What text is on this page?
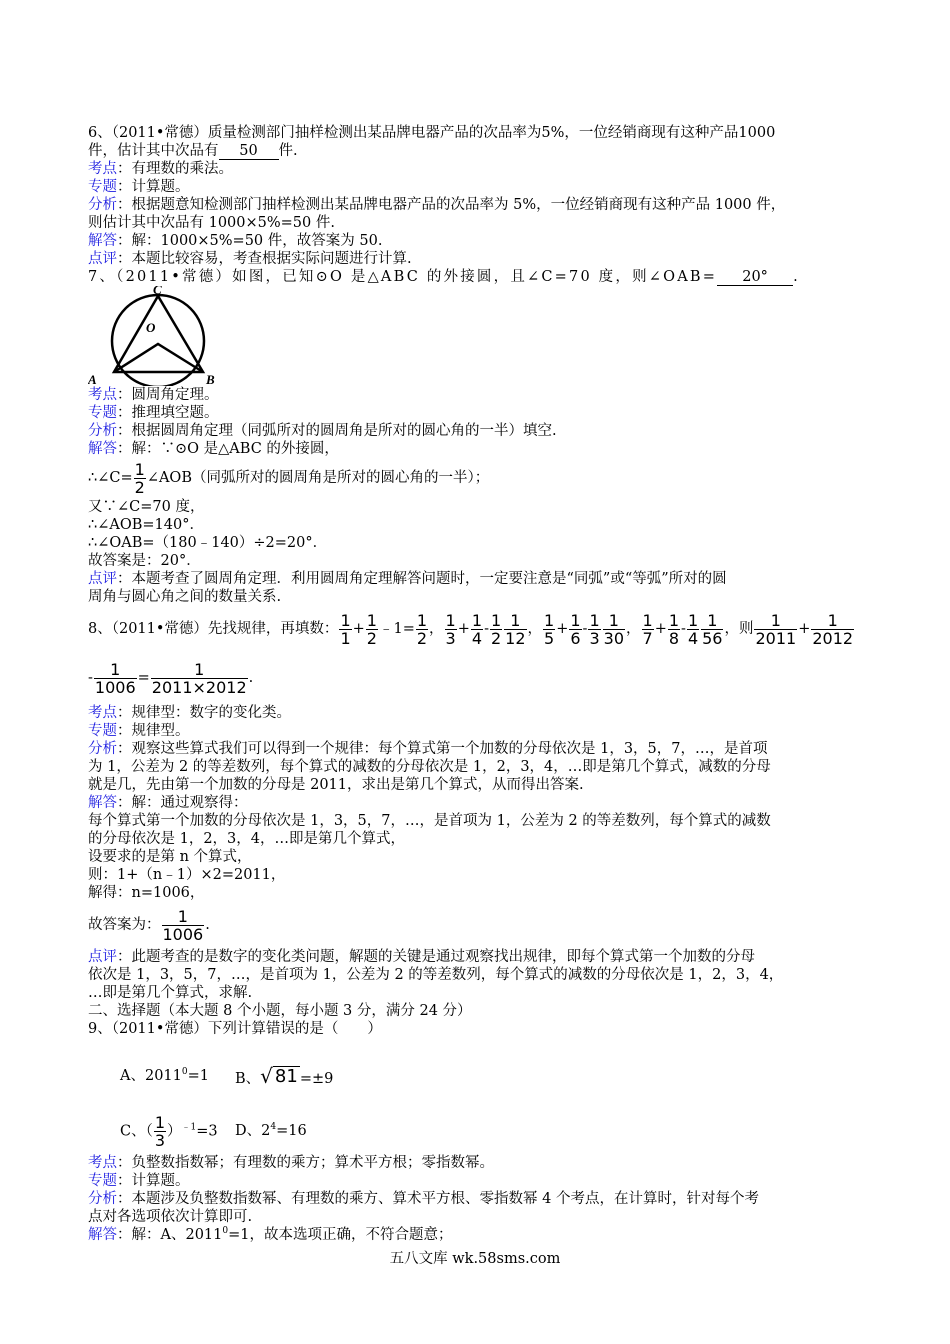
6、（2011•常德）质量检测部门抽样检测出某品牌电器产品的次品率为5%，一位经销商现有这种产品1000
件，估计其中次品有 50 件.
考点：有理数的乘法。
专题：计算题。
分析：根据题意知检测部门抽样检测出某品牌电器产品的次品率为 5%，一位经销商现有这种产品 1000 件，
则估计其中次品有 1000×5%=50 件.
解答：解：1000×5%=50 件，故答案为 50.
点评：本题比较容易，考查根据实际问题进行计算.
7、（2011•常德）如图，已知⊙O 是△ABC 的外接圆，且∠C=70 度，则∠OAB= 20° .
C
O
A	B
考点：圆周角定理。
专题：推理填空题。
分析：根据圆周角定理（同弧所对的圆周角是所对的圆心角的一半）填空.
解答：解：∵⊙O 是△ABC 的外接圆，
∴∠C= $\frac{1}{2}$ ∠AOB（同弧所对的圆周角是所对的圆心角的一半）；
又∵∠C=70 度，
∴∠AOB=140°．
∴∠OAB=（180﹣140）÷2=20°．
故答案是：20°．
点评：本题考查了圆周角定理．利用圆周角定理解答问题时，一定要注意是“同弧”或“等弧”所对的圆
周角与圆心角之间的数量关系.
8、（2011•常德）先找规律，再填数： $\frac{1}{1} + \frac{1}{2}$ ﹣1= $\frac{1}{2}$ ， $\frac{1}{3} + \frac{1}{4} - \frac{1}{2} \frac{1}{12}$ ， $\frac{1}{5} + \frac{1}{6} - \frac{1}{3} \frac{1}{30}$ ， $\frac{1}{7} + \frac{1}{8} - \frac{1}{4} \frac{1}{56}$ ，则 $\frac{1}{2011} + \frac{1}{2012}$
- $\frac{1}{1006} = \frac{1}{2011\times 2012}$ .
考点：规律型：数字的变化类。
专题：规律型。
分析：观察这些算式我们可以得到一个规律：每个算式第一个加数的分母依次是 1，3，5，7，…，是首项
为 1，公差为 2 的等差数列，每个算式的减数的分母依次是 1，2，3，4，…即是第几个算式，减数的分母
就是几，先由第一个加数的分母是 2011，求出是第几个算式，从而得出答案.
解答：解：通过观察得：
每个算式第一个加数的分母依次是 1，3，5，7，…，是首项为 1，公差为 2 的等差数列，每个算式的减数
的分母依次是 1，2，3，4，…即是第几个算式，
设要求的是第 n 个算式，
则：1+（n﹣1）×2=2011，
解得：n=1006，
故答案为： $\frac{1}{1006}$ .
点评：此题考查的是数字的变化类问题，解题的关键是通过观察找出规律，即每个算式第一个加数的分母
依次是 1，3，5，7，…，是首项为 1，公差为 2 的等差数列，每个算式的减数的分母依次是 1，2，3，4，
…即是第几个算式，求解.
二、选择题（本大题 8 个小题，每小题 3 分，满分 24 分）
9、（2011•常德）下列计算错误的是（　　）
A、$2011^0=1$	B、 √ 81 =±9
C、（ $\frac{1}{3} )^{﹣1}=3$	D、$2^4=16$
考点：负整数指数幂；有理数的乘方；算术平方根；零指数幂。
专题：计算题。
分析：本题涉及负整数指数幂、有理数的乘方、算术平方根、零指数幂 4 个考点，在计算时，针对每个考
点对各选项依次计算即可.
解答：解：A、$2011^0=1$，故本选项正确，不符合题意；
五八文库 wk.58sms.com
